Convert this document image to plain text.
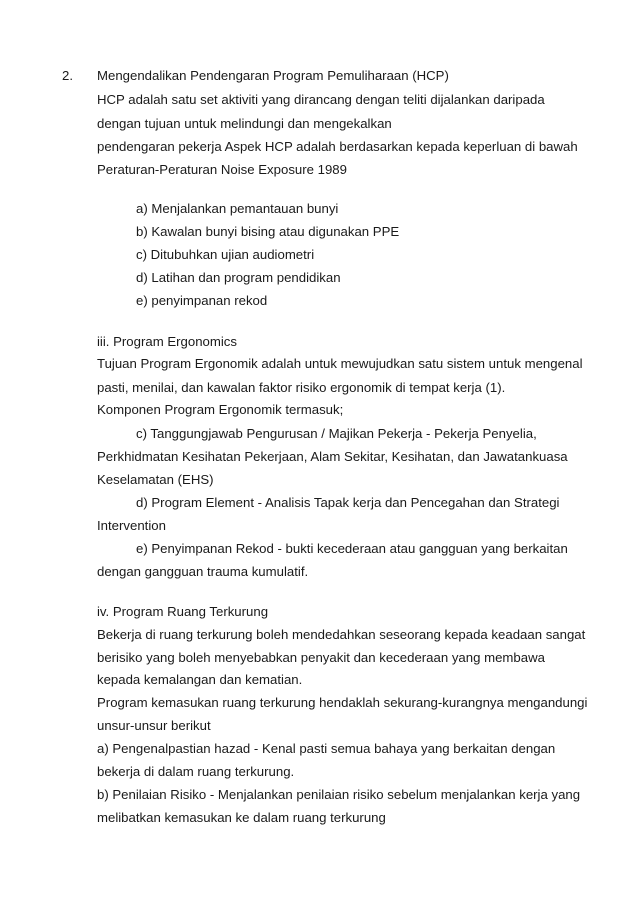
2. Mengendalikan Pendengaran Program Pemuliharaan (HCP)
HCP adalah satu set aktiviti yang dirancang dengan teliti dijalankan daripada
dengan tujuan untuk melindungi dan mengekalkan
pendengaran pekerja Aspek HCP adalah berdasarkan kepada keperluan di bawah
Peraturan-Peraturan Noise Exposure 1989
a) Menjalankan pemantauan bunyi
b) Kawalan bunyi bising atau digunakan PPE
c) Ditubuhkan ujian audiometri
d) Latihan dan program pendidikan
e) penyimpanan rekod
iii. Program Ergonomics
Tujuan Program Ergonomik adalah untuk mewujudkan satu sistem untuk mengenal
pasti, menilai, dan kawalan faktor risiko ergonomik di tempat kerja (1).
Komponen Program Ergonomik termasuk;
c) Tanggungjawab Pengurusan / Majikan Pekerja - Pekerja Penyelia,
Perkhidmatan Kesihatan Pekerjaan, Alam Sekitar, Kesihatan, dan Jawatankuasa
Keselamatan (EHS)
d) Program Element - Analisis Tapak kerja dan Pencegahan dan Strategi
Intervention
e) Penyimpanan Rekod - bukti kecederaan atau gangguan yang berkaitan
dengan gangguan trauma kumulatif.
iv. Program Ruang Terkurung
Bekerja di ruang terkurung boleh mendedahkan seseorang kepada keadaan sangat
berisiko yang boleh menyebabkan penyakit dan kecederaan yang membawa
kepada kemalangan dan kematian.
Program kemasukan ruang terkurung hendaklah sekurang-kurangnya mengandungi
unsur-unsur berikut
a) Pengenalpastian hazad - Kenal pasti semua bahaya yang berkaitan dengan
bekerja di dalam ruang terkurung.
b) Penilaian Risiko - Menjalankan penilaian risiko sebelum menjalankan kerja yang
melibatkan kemasukan ke dalam ruang terkurung
